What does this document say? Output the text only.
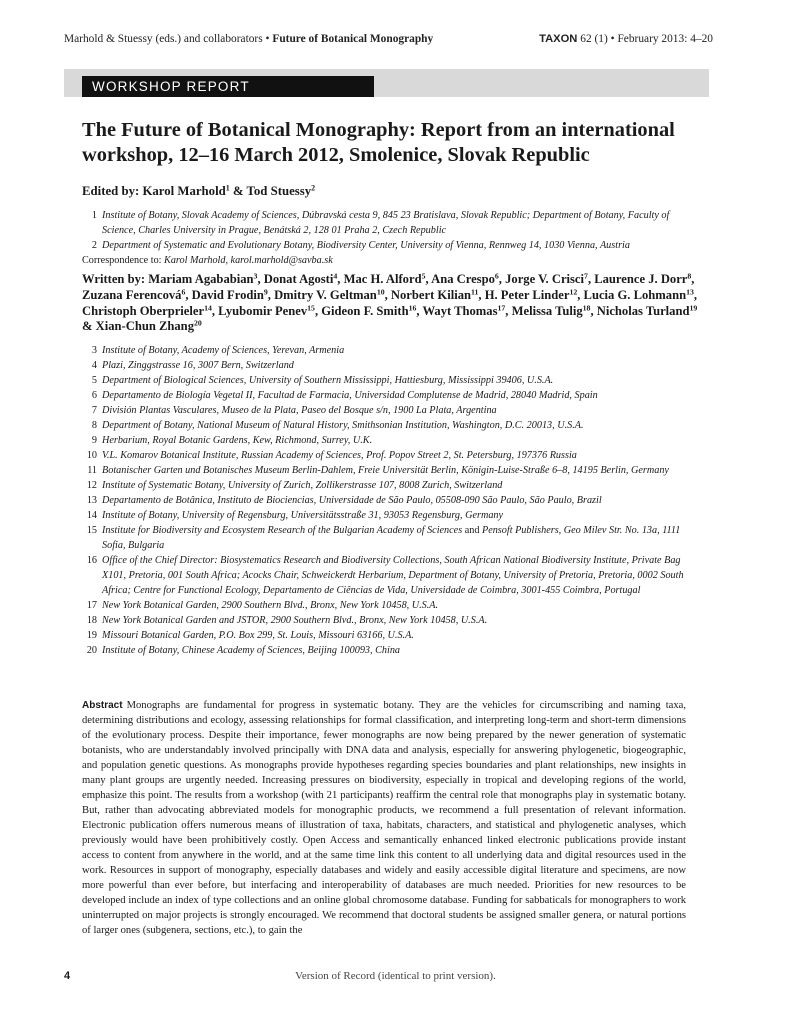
Marhold & Stuessy (eds.) and collaborators • Future of Botanical Monography	TAXON 62 (1) • February 2013: 4–20
WORKSHOP REPORT
The Future of Botanical Monography: Report from an international workshop, 12–16 March 2012, Smolenice, Slovak Republic
Edited by: Karol Marhold$^1$ & Tod Stuessy$^2$
1 Institute of Botany, Slovak Academy of Sciences, Dúbravská cesta 9, 845 23 Bratislava, Slovak Republic; Department of Botany, Faculty of Science, Charles University in Prague, Benátská 2, 128 01 Praha 2, Czech Republic
2 Department of Systematic and Evolutionary Botany, Biodiversity Center, University of Vienna, Rennweg 14, 1030 Vienna, Austria
Correspondence to: Karol Marhold, karol.marhold@savba.sk
Written by: Mariam Agababian$^3$, Donat Agosti$^4$, Mac H. Alford$^5$, Ana Crespo$^6$, Jorge V. Crisci$^7$, Laurence J. Dorr$^8$, Zuzana Ferencová$^6$, David Frodin$^9$, Dmitry V. Geltman$^{10}$, Norbert Kilian$^{11}$, H. Peter Linder$^{12}$, Lucia G. Lohmann$^{13}$, Christoph Oberprieler$^{14}$, Lyubomir Penev$^{15}$, Gideon F. Smith$^{16}$, Wayt Thomas$^{17}$, Melissa Tulig$^{18}$, Nicholas Turland$^{19}$ & Xian-Chun Zhang$^{20}$
3 Institute of Botany, Academy of Sciences, Yerevan, Armenia
4 Plazi, Zinggstrasse 16, 3007 Bern, Switzerland
5 Department of Biological Sciences, University of Southern Mississippi, Hattiesburg, Mississippi 39406, U.S.A.
6 Departamento de Biología Vegetal II, Facultad de Farmacia, Universidad Complutense de Madrid, 28040 Madrid, Spain
7 División Plantas Vasculares, Museo de la Plata, Paseo del Bosque s/n, 1900 La Plata, Argentina
8 Department of Botany, National Museum of Natural History, Smithsonian Institution, Washington, D.C. 20013, U.S.A.
9 Herbarium, Royal Botanic Gardens, Kew, Richmond, Surrey, U.K.
10 V.L. Komarov Botanical Institute, Russian Academy of Sciences, Prof. Popov Street 2, St. Petersburg, 197376 Russia
11 Botanischer Garten und Botanisches Museum Berlin-Dahlem, Freie Universität Berlin, Königin-Luise-Straße 6–8, 14195 Berlin, Germany
12 Institute of Systematic Botany, University of Zurich, Zollikerstrasse 107, 8008 Zurich, Switzerland
13 Departamento de Botânica, Instituto de Biociencias, Universidade de São Paulo, 05508-090 São Paulo, São Paulo, Brazil
14 Institute of Botany, University of Regensburg, Universitätsstraße 31, 93053 Regensburg, Germany
15 Institute for Biodiversity and Ecosystem Research of the Bulgarian Academy of Sciences and Pensoft Publishers, Geo Milev Str. No. 13a, 1111 Sofia, Bulgaria
16 Office of the Chief Director: Biosystematics Research and Biodiversity Collections, South African National Biodiversity Institute, Private Bag X101, Pretoria, 001 South Africa; Acocks Chair, Schweickerdt Herbarium, Department of Botany, University of Pretoria, Pretoria, 0002 South Africa; Centre for Functional Ecology, Departamento de Ciências de Vida, Universidade de Coimbra, 3001-455 Coimbra, Portugal
17 New York Botanical Garden, 2900 Southern Blvd., Bronx, New York 10458, U.S.A.
18 New York Botanical Garden and JSTOR, 2900 Southern Blvd., Bronx, New York 10458, U.S.A.
19 Missouri Botanical Garden, P.O. Box 299, St. Louis, Missouri 63166, U.S.A.
20 Institute of Botany, Chinese Academy of Sciences, Beijing 100093, China

Abstract Monographs are fundamental for progress in systematic botany. They are the vehicles for circumscribing and naming taxa, determining distributions and ecology, assessing relationships for formal classification, and interpreting long-term and short-term dimensions of the evolutionary process. Despite their importance, fewer monographs are now being prepared by the newer generation of systematic botanists, who are understandably involved principally with DNA data and analysis, especially for answering phylogenetic, biogeographic, and population genetic questions. As monographs provide hypotheses regarding species boundaries and plant relationships, new insights in many plant groups are urgently needed. Increasing pressures on biodiversity, especially in tropical and developing regions of the world, emphasize this point. The results from a workshop (with 21 participants) reaffirm the central role that monographs play in systematic botany. But, rather than advocating abbreviated models for monographic products, we recommend a full presentation of relevant information. Electronic publication offers numerous means of illustration of taxa, habitats, characters, and statistical and phylogenetic analyses, which previously would have been prohibitively costly. Open Access and semantically enhanced linked electronic publications provide instant access to content from anywhere in the world, and at the same time link this content to all underlying data and digital resources used in the work. Resources in support of monography, especially databases and widely and easily accessible digital literature and specimens, are now more powerful than ever before, but interfacing and interoperability of databases are much needed. Priorities for new resources to be developed include an index of type collections and an online global chromosome database. Funding for sabbaticals for monographers to work uninterrupted on major projects is strongly encouraged. We recommend that doctoral students be assigned smaller genera, or natural portions of larger ones (subgenera, sections, etc.), to gain the

4	Version of Record (identical to print version).
